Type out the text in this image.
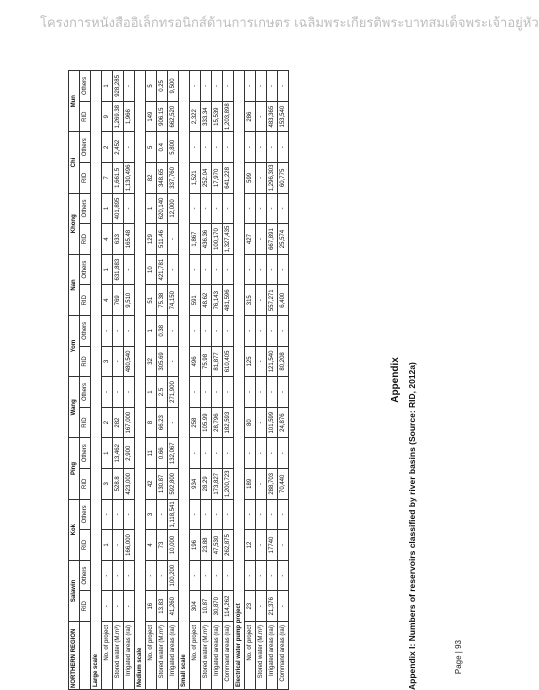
โครงการหนังสืออิเล็กทรอนิกส์ด้านการเกษตร เฉลิมพระเกียรติพระบาทสมเด็จพระเจ้าอยู่หัว
Appendix Appendix I: Numbers of reservoirs classified by river basins (Source: RID, 2012a)
NORTHERN REGION	Salawin		Kok		Ping		Wang		Yom		Nan		Khong		Chi		Mun	
	RID	Others	RID	Others	RID	Others	RID	Others	RID	Others	RID	Others	RID	Others	RID	Others	RID	Others
Large scale																		
No. of project	-	-	1	-	3	1	2	-	3	-	4	1	4	1	7	2	9	1
Stored water (M.m³)	-	-	-	-	528.8	13,462	282	-	-	-	769	631,883	633	401,895	1,661.5	2,452	1,269.38	928,285
Irrigated areas (rai)	-	-	166,000	-	423,000	2,900	167,000	-	480,540	-	9,510	-	165.48	-	1,130,496	-	1,966	-
Medium scale																		
No. of project	16	-	4	3	42	11	8	1	32	1	51	10	129	1	82	5	149	5
Stored water (M.m³)	13.83	-	73	-	130.87	0.66	66.23	2.5	305.69	0.38	75.38	421,781	511.46	620,140	348.65	0.4	906.15	0.25
Irrigated areas (rai)	41,260	100,200	10,000	1,118,541	592,800	132,067	-	271,900	-	-	74,150	-	-	12,000	337,760	5,800	662,520	9,500
Small scale																		
No. of project	304	-	196	-	934	-	258	-	496	-	591	-	1,867	-	1,521	-	2,322	-
Stored water (M.m³)	10.87	-	23.88	-	28.29	-	105.99	-	75.98	-	48.62	-	436.36	-	252.04	-	333.34	-
Irrigated areas (rai)	30,870	-	47,530	-	173,827	-	28,796	-	81,877	-	76,143	-	100,170	-	17,970	-	15,539	-
Command areas (rai)	114,262	-	262,875	-	1,200,723	-	182,593	-	610,405	-	481,596	-	1,327,435	-	641,228	-	1,203,898	-
Electrical water pump project																		
No. of project	23	-	12	-	189	-	80	-	125	-	315	-	427	-	599	-	286	-
Stored water (M.m³)	-	-	-	-	-	-	-	-	-	-	-	-	-	-	-	-	-	-
Irrigated areas (rai)	21,376	-	17740	-	288,703	-	101,599	-	121,540	-	557,271	-	667,891	-	1,296,303	-	483,365	-
Command areas (rai)	-	-	-	-	70,440	-	24,876	-	80,208	-	6,400	-	25,574	-	60,775	-	153,540	-
Page | 93
